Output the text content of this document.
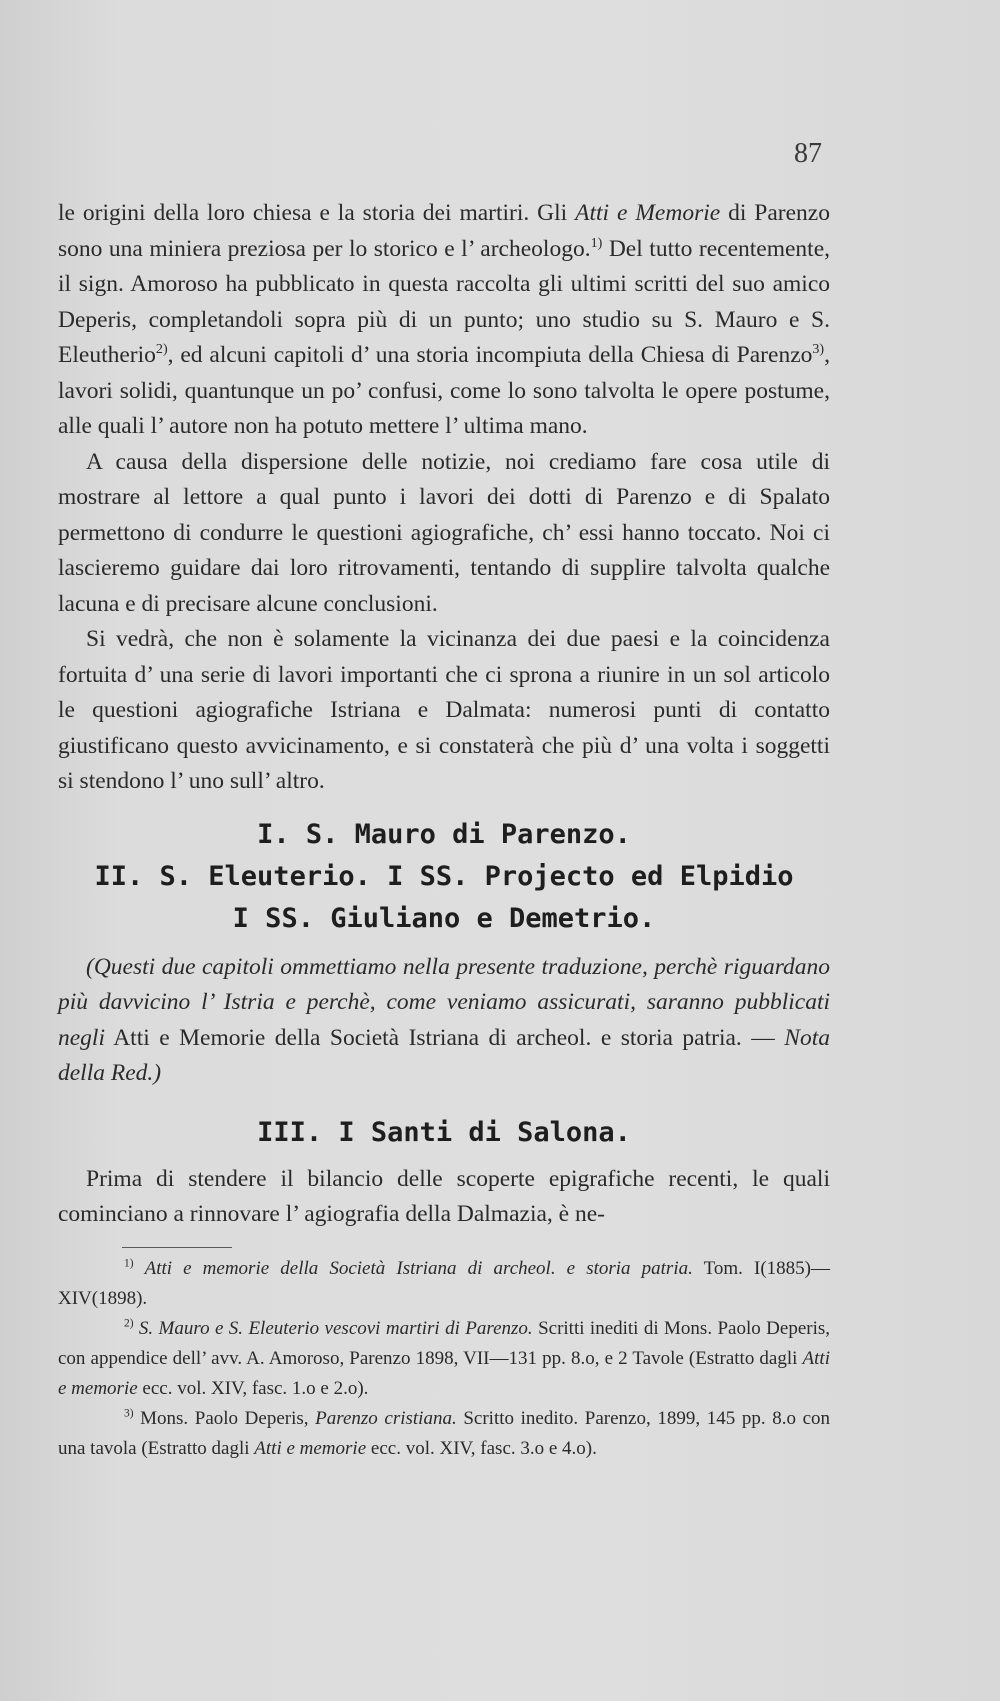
87

le origini della loro chiesa e la storia dei martiri. Gli Atti e Memorie di Parenzo sono una miniera preziosa per lo storico e l’ archeologo.$^{1)}$ Del tutto recentemente, il sign. Amoroso ha pubblicato in questa raccolta gli ultimi scritti del suo amico Deperis, completandoli sopra più di un punto; uno studio su S. Mauro e S. Eleutherio$^{2)}$, ed alcuni capitoli d’ una storia incompiuta della Chiesa di Parenzo$^{3)}$, lavori solidi, quantunque un po’ confusi, come lo sono talvolta le opere postume, alle quali l’ autore non ha potuto mettere l’ ultima mano.

A causa della dispersione delle notizie, noi crediamo fare cosa utile di mostrare al lettore a qual punto i lavori dei dotti di Parenzo e di Spalato permettono di condurre le questioni agiografiche, ch’ essi hanno toccato. Noi ci lascieremo guidare dai loro ritrovamenti, tentando di supplire talvolta qualche lacuna e di precisare alcune conclusioni.

Si vedrà, che non è solamente la vicinanza dei due paesi e la coincidenza fortuita d’ una serie di lavori importanti che ci sprona a riunire in un sol articolo le questioni agiografiche Istriana e Dalmata: numerosi punti di contatto giustificano questo avvicinamento, e si constaterà che più d’ una volta i soggetti si stendono l’ uno sull’ altro.

I. S. Mauro di Parenzo.
II. S. Eleuterio. I SS. Projecto ed Elpidio
I SS. Giuliano e Demetrio.

(Questi due capitoli ommettiamo nella presente traduzione, perchè riguardano più davvicino l’ Istria e perchè, come veniamo assicurati, saranno pubblicati negli Atti e Memorie della Società Istriana di archeol. e storia patria. — Nota della Red.)

III. I Santi di Salona.

Prima di stendere il bilancio delle scoperte epigrafiche recenti, le quali cominciano a rinnovare l’ agiografia della Dalmazia, è ne-

$^{1)}$ Atti e memorie della Società Istriana di archeol. e storia patria. Tom. I(1885)—XIV(1898).

$^{2)}$ S. Mauro e S. Eleuterio vescovi martiri di Parenzo. Scritti inediti di Mons. Paolo Deperis, con appendice dell’ avv. A. Amoroso, Parenzo 1898, VII—131 pp. 8.o, e 2 Tavole (Estratto dagli Atti e memorie ecc. vol. XIV, fasc. 1.o e 2.o).

$^{3)}$ Mons. Paolo Deperis, Parenzo cristiana. Scritto inedito. Parenzo, 1899, 145 pp. 8.o con una tavola (Estratto dagli Atti e memorie ecc. vol. XIV, fasc. 3.o e 4.o).
